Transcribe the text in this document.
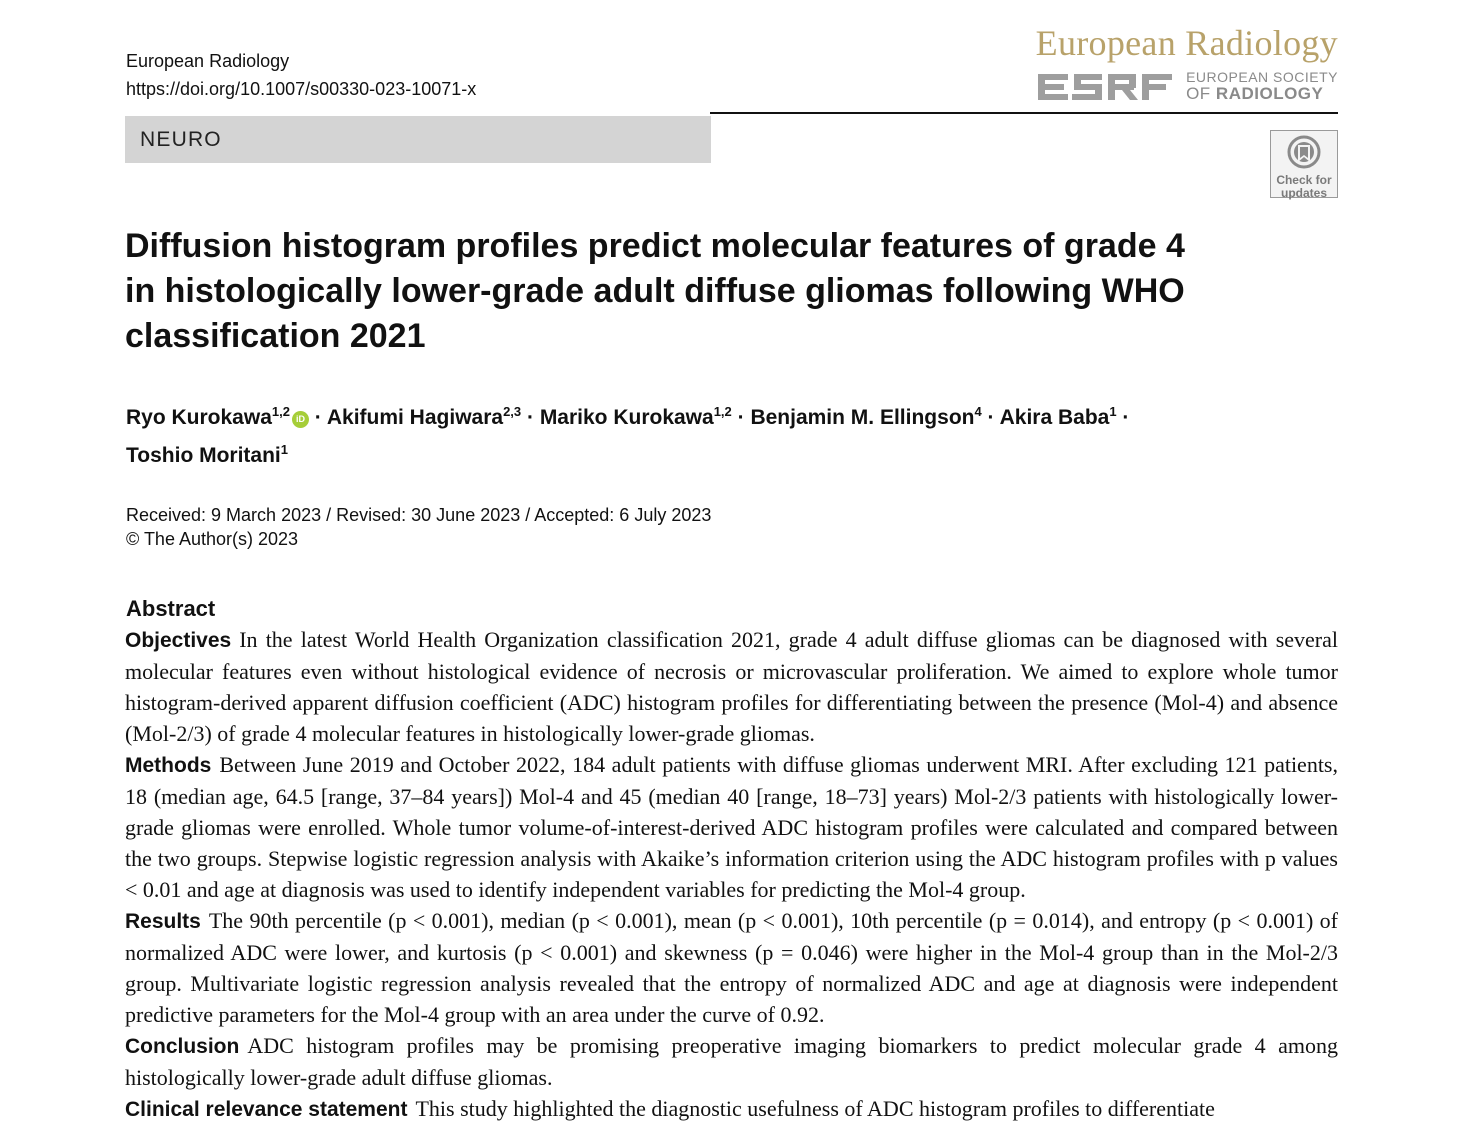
European Radiology
https://doi.org/10.1007/s00330-023-10071-x
European Radiology
EUROPEAN SOCIETY
OF RADIOLOGY
NEURO
Check for
updates
Diffusion histogram profiles predict molecular features of grade 4 in histologically lower-grade adult diffuse gliomas following WHO classification 2021
Ryo Kurokawa$^{1,2}$ iD · Akifumi Hagiwara$^{2,3}$ · Mariko Kurokawa$^{1,2}$ · Benjamin M. Ellingson$^4$ · Akira Baba$^1$ ·
Toshio Moritani$^1$
Received: 9 March 2023 / Revised: 30 June 2023 / Accepted: 6 July 2023
© The Author(s) 2023
Abstract

Objectives In the latest World Health Organization classification 2021, grade 4 adult diffuse gliomas can be diagnosed with several molecular features even without histological evidence of necrosis or microvascular proliferation. We aimed to explore whole tumor histogram-derived apparent diffusion coefficient (ADC) histogram profiles for differentiating between the presence (Mol-4) and absence (Mol-2/3) of grade 4 molecular features in histologically lower-grade gliomas.

Methods Between June 2019 and October 2022, 184 adult patients with diffuse gliomas underwent MRI. After excluding 121 patients, 18 (median age, 64.5 [range, 37–84 years]) Mol-4 and 45 (median 40 [range, 18–73] years) Mol-2/3 patients with histologically lower-grade gliomas were enrolled. Whole tumor volume-of-interest-derived ADC histogram profiles were calculated and compared between the two groups. Stepwise logistic regression analysis with Akaike’s information criterion using the ADC histogram profiles with p values < 0.01 and age at diagnosis was used to identify independent variables for predicting the Mol-4 group.

Results The 90th percentile (p < 0.001), median (p < 0.001), mean (p < 0.001), 10th percentile (p = 0.014), and entropy (p < 0.001) of normalized ADC were lower, and kurtosis (p < 0.001) and skewness (p = 0.046) were higher in the Mol-4 group than in the Mol-2/3 group. Multivariate logistic regression analysis revealed that the entropy of normalized ADC and age at diagnosis were independent predictive parameters for the Mol-4 group with an area under the curve of 0.92.

Conclusion ADC histogram profiles may be promising preoperative imaging biomarkers to predict molecular grade 4 among histologically lower-grade adult diffuse gliomas.

Clinical relevance statement This study highlighted the diagnostic usefulness of ADC histogram profiles to differentiate
